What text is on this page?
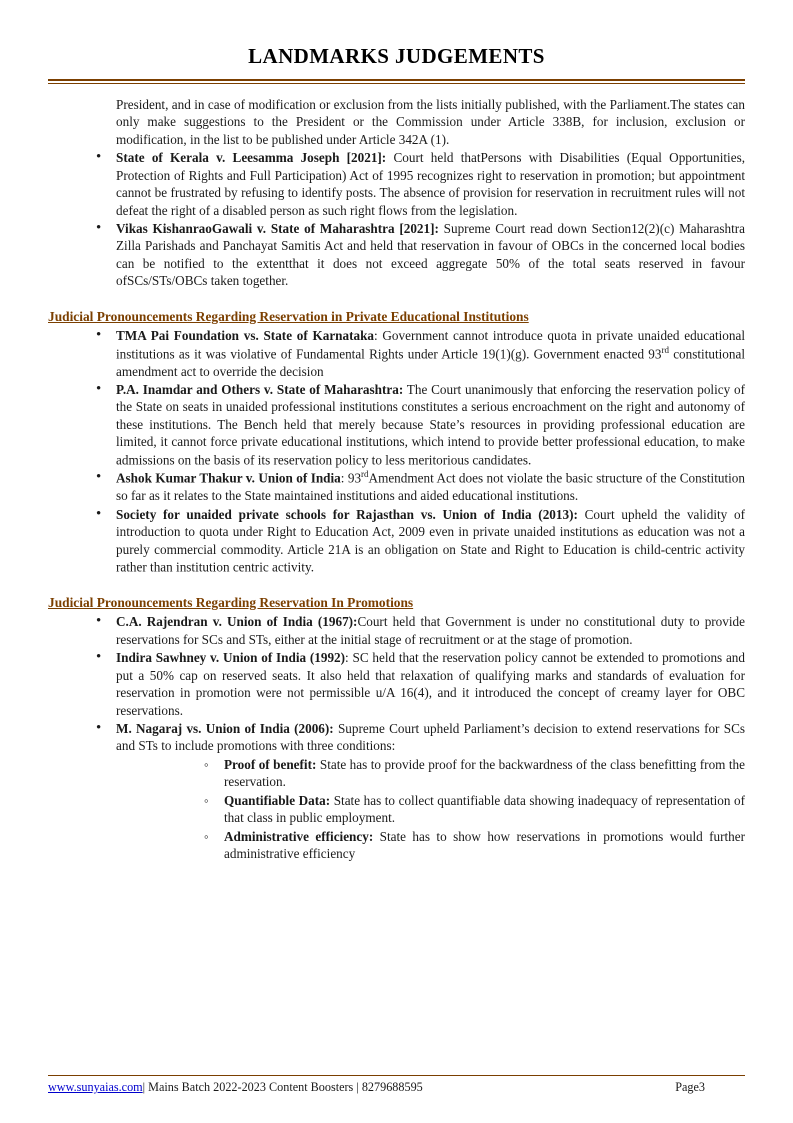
LANDMARKS JUDGEMENTS

President, and in case of modification or exclusion from the lists initially published, with the Parliament.The states can only make suggestions to the President or the Commission under Article 338B, for inclusion, exclusion or modification, in the list to be published under Article 342A (1).

• State of Kerala v. Leesamma Joseph [2021]: Court held thatPersons with Disabilities (Equal Opportunities, Protection of Rights and Full Participation) Act of 1995 recognizes right to reservation in promotion; but appointment cannot be frustrated by refusing to identify posts. The absence of provision for reservation in recruitment rules will not defeat the right of a disabled person as such right flows from the legislation.
• Vikas KishanraoGawali v. State of Maharashtra [2021]: Supreme Court read down Section12(2)(c) Maharashtra Zilla Parishads and Panchayat Samitis Act and held that reservation in favour of OBCs in the concerned local bodies can be notified to the extentthat it does not exceed aggregate 50% of the total seats reserved in favour ofSCs/STs/OBCs taken together.
Judicial Pronouncements Regarding Reservation in Private Educational Institutions
• TMA Pai Foundation vs. State of Karnataka: Government cannot introduce quota in private unaided educational institutions as it was violative of Fundamental Rights under Article 19(1)(g). Government enacted 93rd constitutional amendment act to override the decision
• P.A. Inamdar and Others v. State of Maharashtra: The Court unanimously that enforcing the reservation policy of the State on seats in unaided professional institutions constitutes a serious encroachment on the right and autonomy of these institutions. The Bench held that merely because State’s resources in providing professional education are limited, it cannot force private educational institutions, which intend to provide better professional education, to make admissions on the basis of its reservation policy to less meritorious candidates.
• Ashok Kumar Thakur v. Union of India: 93rdAmendment Act does not violate the basic structure of the Constitution so far as it relates to the State maintained institutions and aided educational institutions.
• Society for unaided private schools for Rajasthan vs. Union of India (2013): Court upheld the validity of introduction to quota under Right to Education Act, 2009 even in private unaided institutions as education was not a purely commercial commodity. Article 21A is an obligation on State and Right to Education is child-centric activity rather than institution centric activity.
Judicial Pronouncements Regarding Reservation In Promotions
• C.A. Rajendran v. Union of India (1967):Court held that Government is under no constitutional duty to provide reservations for SCs and STs, either at the initial stage of recruitment or at the stage of promotion.
• Indira Sawhney v. Union of India (1992): SC held that the reservation policy cannot be extended to promotions and put a 50% cap on reserved seats. It also held that relaxation of qualifying marks and standards of evaluation for reservation in promotion were not permissible u/A 16(4), and it introduced the concept of creamy layer for OBC reservations.
• M. Nagaraj vs. Union of India (2006): Supreme Court upheld Parliament’s decision to extend reservations for SCs and STs to include promotions with three conditions:
◦ Proof of benefit: State has to provide proof for the backwardness of the class benefitting from the reservation.
◦ Quantifiable Data: State has to collect quantifiable data showing inadequacy of representation of that class in public employment.
◦ Administrative efficiency: State has to show how reservations in promotions would further administrative efficiency
www.sunyaias.com| Mains Batch 2022-2023 Content Boosters | 8279688595	Page3
